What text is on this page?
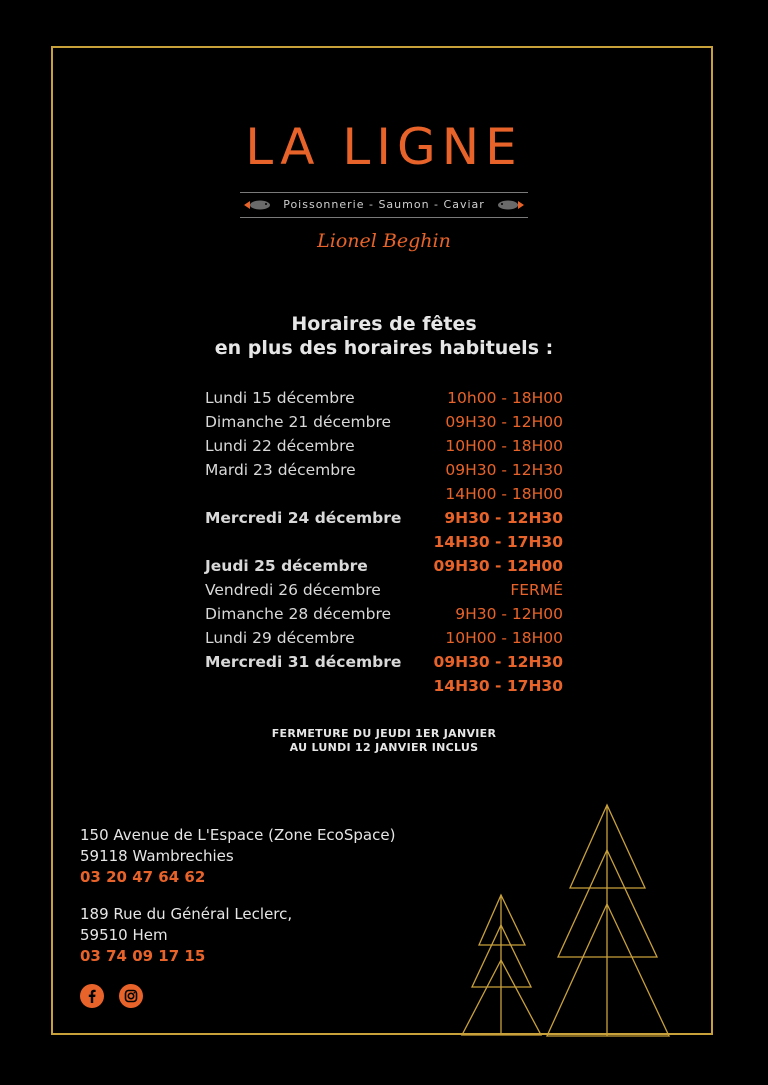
LA LIGNE
Poissonnerie - Saumon - Caviar
Lionel Beghin
Horaires de fêtes
en plus des horaires habituels :
Lundi 15 décembre	10h00 - 18H00
Dimanche 21 décembre	09H30 - 12H00
Lundi 22 décembre	10H00 - 18H00
Mardi 23 décembre	09H30 - 12H30
14H00 - 18H00
Mercredi 24 décembre	9H30 - 12H30
14H30 - 17H30
Jeudi 25 décembre	09H30 - 12H00
Vendredi 26 décembre	FERMÉ
Dimanche 28 décembre	9H30 - 12H00
Lundi 29 décembre	10H00 - 18H00
Mercredi 31 décembre 09H30 - 12H30
14H30 - 17H30
FERMETURE DU JEUDI 1ER JANVIER
AU LUNDI 12 JANVIER INCLUS
150 Avenue de L'Espace (Zone EcoSpace)
59118 Wambrechies
03 20 47 64 62
189 Rue du Général Leclerc,
59510 Hem
03 74 09 17 15
